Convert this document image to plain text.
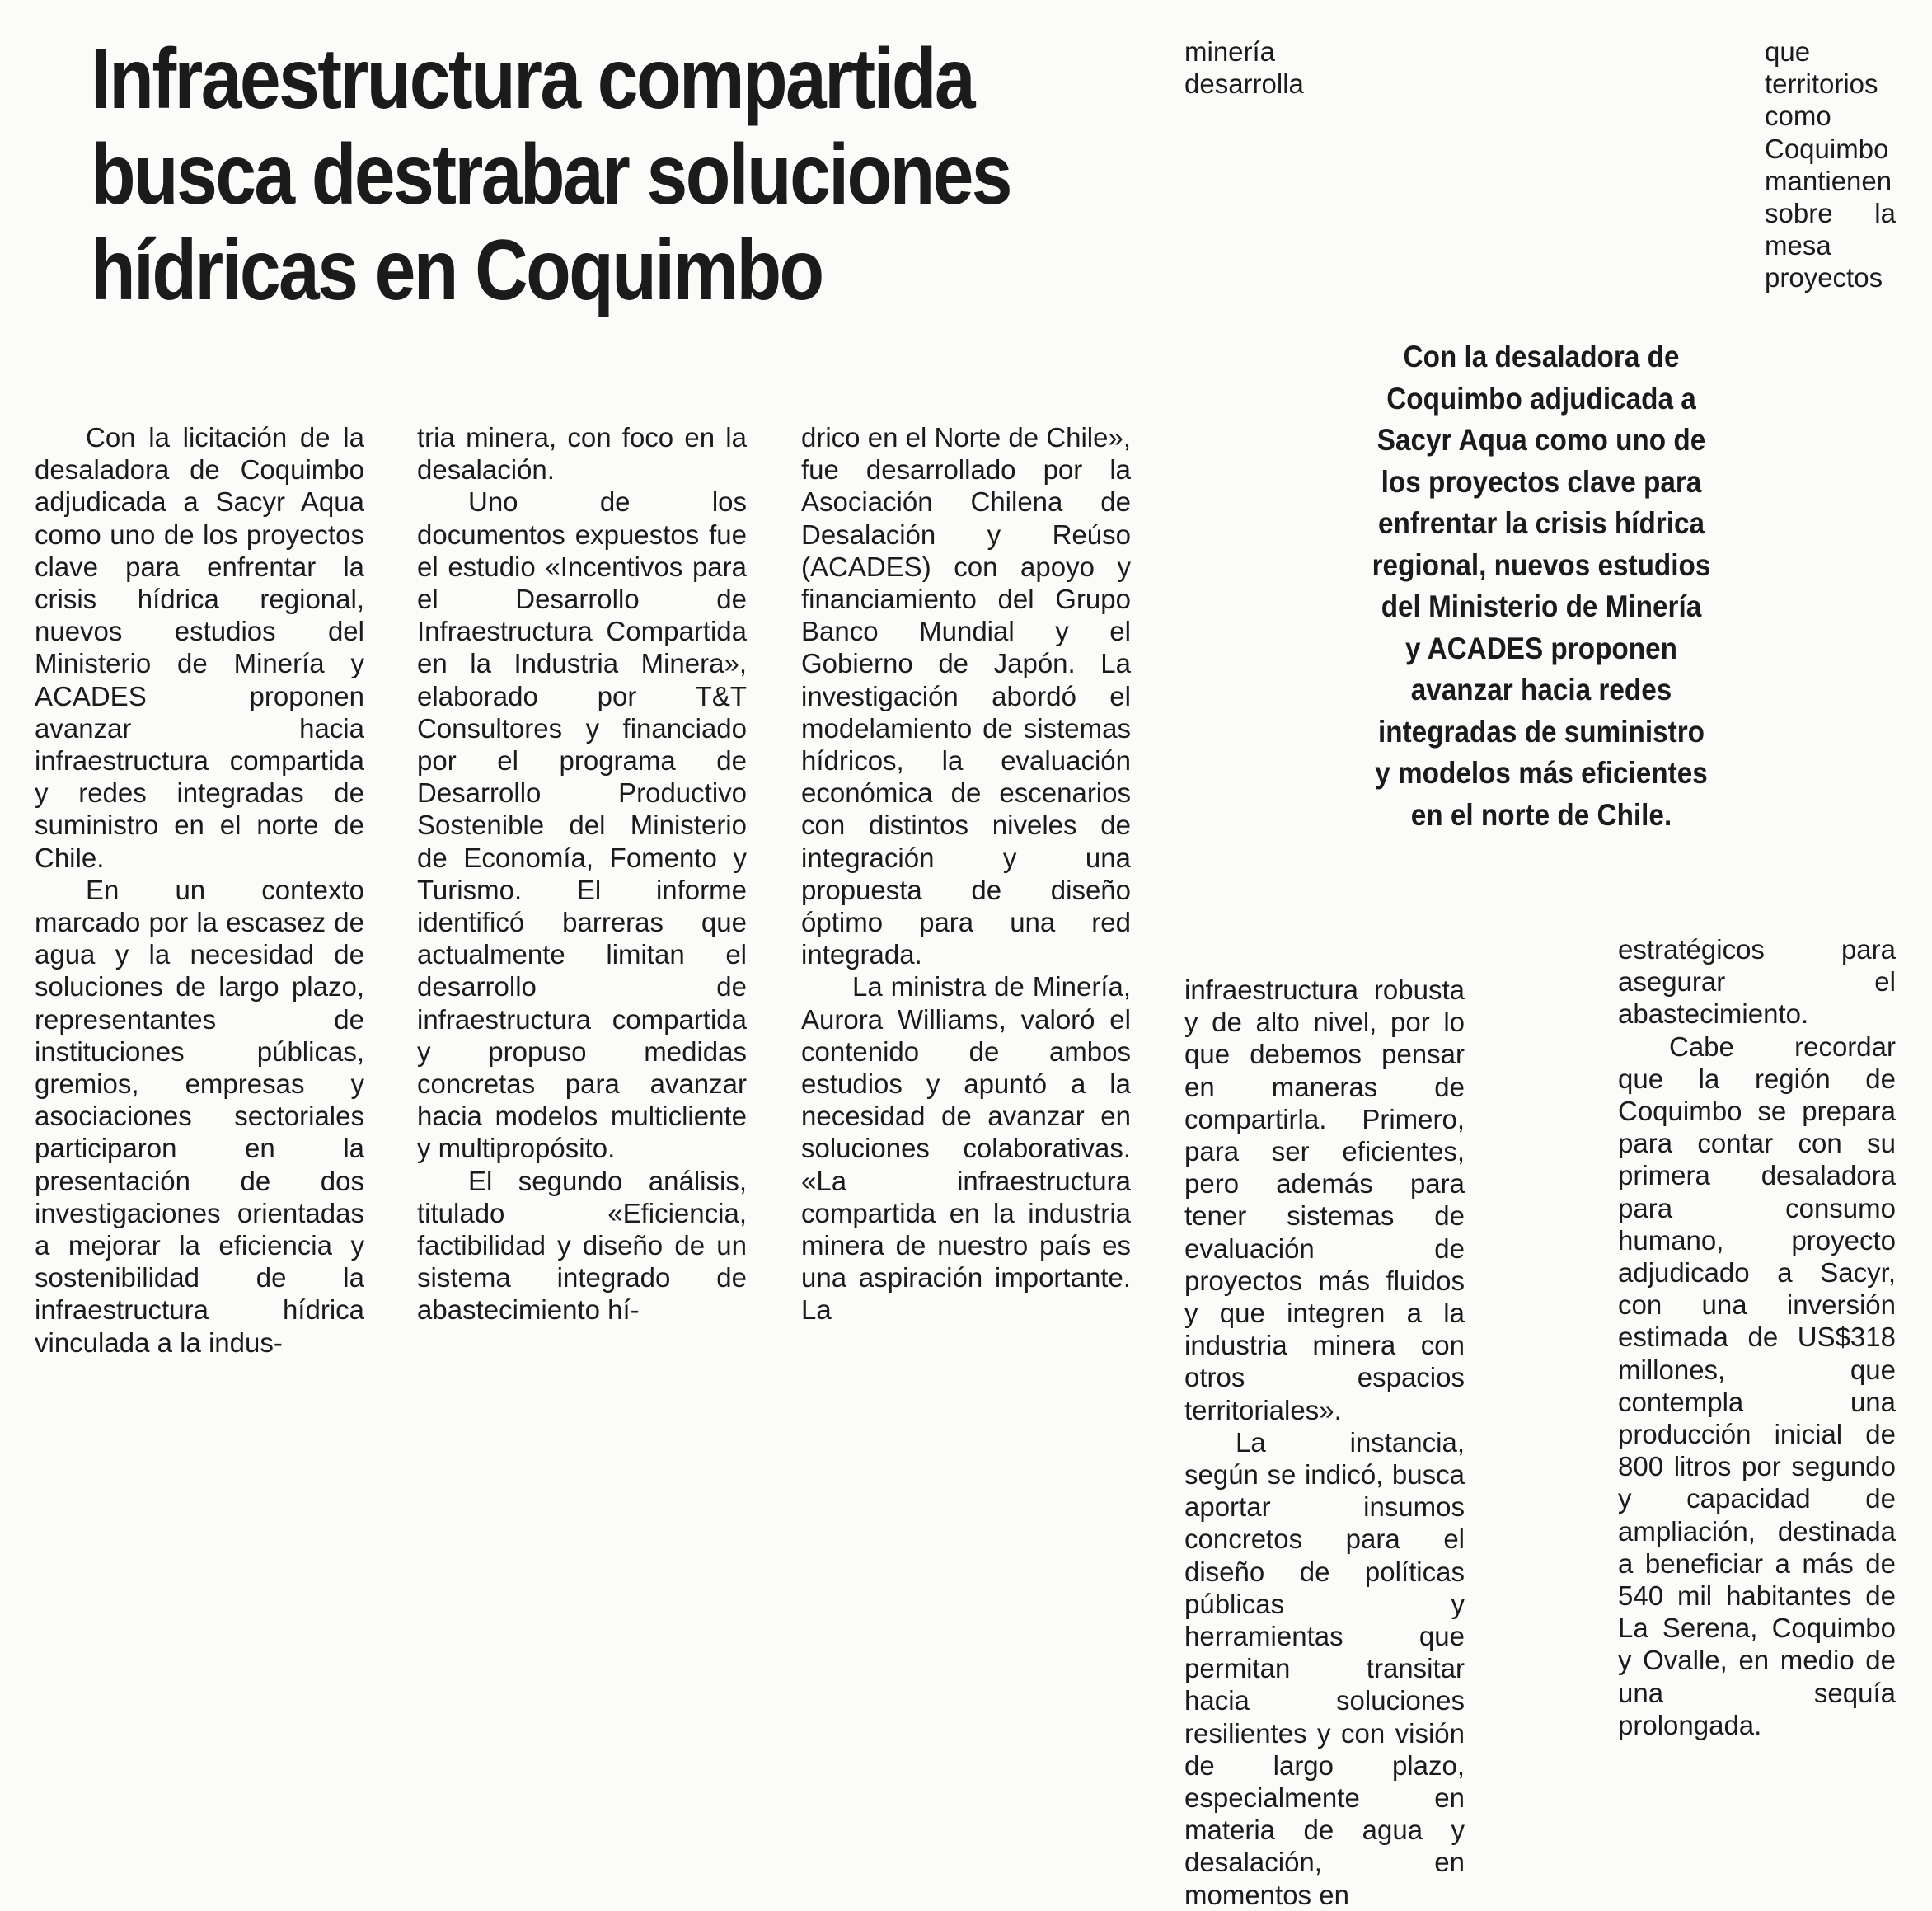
Infraestructura compartida
busca destrabar soluciones
hídricas en Coquimbo

Con la licitación de la desaladora de Coquimbo adjudicada a Sacyr Aqua como uno de los proyectos clave para enfrentar la crisis hídrica regional, nuevos estudios del Ministerio de Minería y ACADES proponen avanzar hacia infraestructura compartida y redes integradas de suministro en el norte de Chile.

En un contexto marcado por la escasez de agua y la necesidad de soluciones de largo plazo, representantes de instituciones públicas, gremios, empresas y asociaciones sectoriales participaron en la presentación de dos investigaciones orientadas a mejorar la eficiencia y sostenibilidad de la infraestructura hídrica vinculada a la indus-

tria minera, con foco en la desalación.

Uno de los documentos expuestos fue el estudio «Incentivos para el Desarrollo de Infraestructura Compartida en la Industria Minera», elaborado por T&T Consultores y financiado por el programa de Desarrollo Productivo Sostenible del Ministerio de Economía, Fomento y Turismo. El informe identificó barreras que actualmente limitan el desarrollo de infraestructura compartida y propuso medidas concretas para avanzar hacia modelos multicliente y multipropósito.

El segundo análisis, titulado «Eficiencia, factibilidad y diseño de un sistema integrado de abastecimiento hí-

drico en el Norte de Chile», fue desarrollado por la Asociación Chilena de Desalación y Reúso (ACADES) con apoyo y financiamiento del Grupo Banco Mundial y el Gobierno de Japón. La investigación abordó el modelamiento de sistemas hídricos, la evaluación económica de escenarios con distintos niveles de integración y una propuesta de diseño óptimo para una red integrada.

La ministra de Minería, Aurora Williams, valoró el contenido de ambos estudios y apuntó a la necesidad de avanzar en soluciones colaborativas. «La infraestructura compartida en la industria minera de nuestro país es una aspiración importante. La

minería desarrolla infraestructura robusta y de alto nivel, por lo que debemos pensar en maneras de compartirla. Primero, para ser eficientes, pero además para tener sistemas de evaluación de proyectos más fluidos y que integren a la industria minera con otros espacios territoriales».

La instancia, según se indicó, busca aportar insumos concretos para el diseño de políticas públicas y herramientas que permitan transitar hacia soluciones resilientes y con visión de largo plazo, especialmente en materia de agua y desalación, en momentos en

que territorios como Coquimbo mantienen sobre la mesa proyectos estratégicos para asegurar el abastecimiento.

Cabe recordar que la región de Coquimbo se prepara para contar con su primera desaladora para consumo humano, proyecto adjudicado a Sacyr, con una inversión estimada de US$318 millones, que contempla una producción inicial de 800 litros por segundo y capacidad de ampliación, destinada a beneficiar a más de 540 mil habitantes de La Serena, Coquimbo y Ovalle, en medio de una sequía prolongada.

Con la desaladora de Coquimbo adjudicada a Sacyr Aqua como uno de los proyectos clave para enfrentar la crisis hídrica regional, nuevos estudios del Ministerio de Minería y ACADES proponen avanzar hacia redes integradas de suministro y modelos más eficientes en el norte de Chile.
